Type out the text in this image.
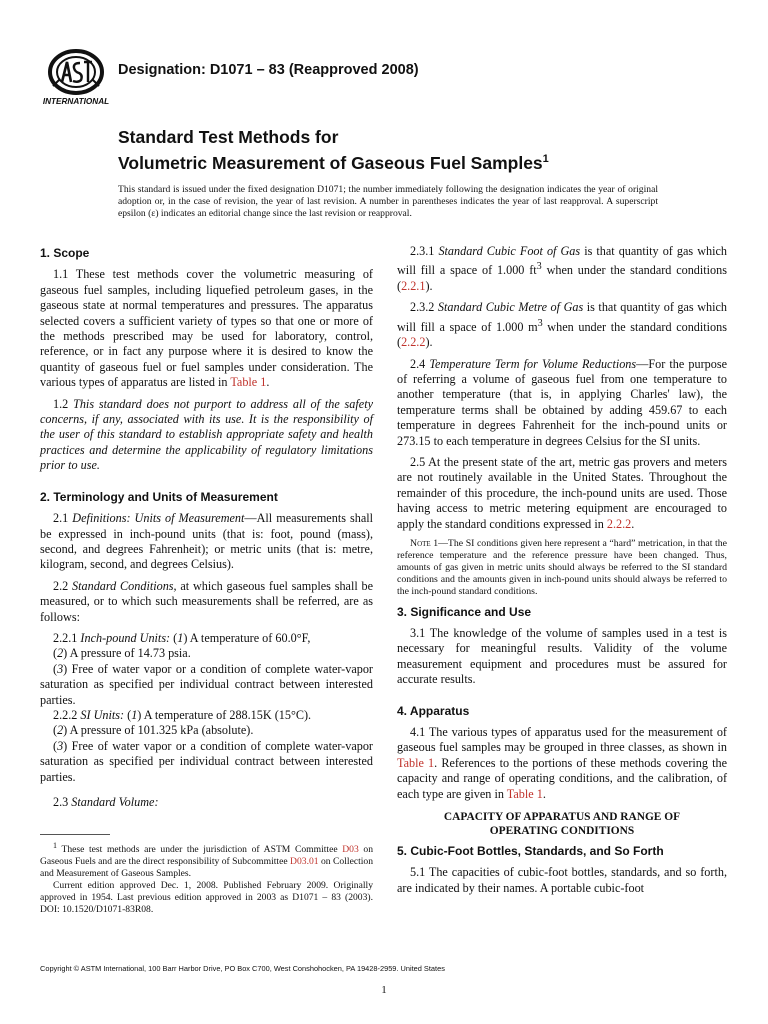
INTERNATIONAL
Designation: D1071 – 83 (Reapproved 2008)
Standard Test Methods for
Volumetric Measurement of Gaseous Fuel Samples$^1$
This standard is issued under the fixed designation D1071; the number immediately following the designation indicates the year of original adoption or, in the case of revision, the year of last revision. A number in parentheses indicates the year of last reapproval. A superscript epsilon (ε) indicates an editorial change since the last revision or reapproval.
1. Scope

1.1 These test methods cover the volumetric measuring of gaseous fuel samples, including liquefied petroleum gases, in the gaseous state at normal temperatures and pressures. The apparatus selected covers a sufficient variety of types so that one or more of the methods prescribed may be used for laboratory, control, reference, or in fact any purpose where it is desired to know the quantity of gaseous fuel or fuel samples under consideration. The various types of apparatus are listed in Table 1.

1.2 This standard does not purport to address all of the safety concerns, if any, associated with its use. It is the responsibility of the user of this standard to establish appropriate safety and health practices and determine the applicability of regulatory limitations prior to use.

2. Terminology and Units of Measurement

2.1 Definitions: Units of Measurement—All measurements shall be expressed in inch-pound units (that is: foot, pound (mass), second, and degrees Fahrenheit); or metric units (that is: metre, kilogram, second, and degrees Celsius).

2.2 Standard Conditions, at which gaseous fuel samples shall be measured, or to which such measurements shall be referred, are as follows:

2.2.1 Inch-pound Units: (1) A temperature of 60.0°F,

(2) A pressure of 14.73 psia.

(3) Free of water vapor or a condition of complete water-vapor saturation as specified per individual contract between interested parties.

2.2.2 SI Units: (1) A temperature of 288.15K (15°C).

(2) A pressure of 101.325 kPa (absolute).

(3) Free of water vapor or a condition of complete water-vapor saturation as specified per individual contract between interested parties.

2.3 Standard Volume:

$^1$ These test methods are under the jurisdiction of ASTM Committee D03 on Gaseous Fuels and are the direct responsibility of Subcommittee D03.01 on Collection and Measurement of Gaseous Samples.

Current edition approved Dec. 1, 2008. Published February 2009. Originally approved in 1954. Last previous edition approved in 2003 as D1071 – 83 (2003). DOI: 10.1520/D1071-83R08.

2.3.1 Standard Cubic Foot of Gas is that quantity of gas which will fill a space of 1.000 $ft^3$ when under the standard conditions (2.2.1).

2.3.2 Standard Cubic Metre of Gas is that quantity of gas which will fill a space of 1.000 $m^3$ when under the standard conditions (2.2.2).

2.4 Temperature Term for Volume Reductions—For the purpose of referring a volume of gaseous fuel from one temperature to another temperature (that is, in applying Charles' law), the temperature terms shall be obtained by adding 459.67 to each temperature in degrees Fahrenheit for the inch-pound units or 273.15 to each temperature in degrees Celsius for the SI units.

2.5 At the present state of the art, metric gas provers and meters are not routinely available in the United States. Throughout the remainder of this procedure, the inch-pound units are used. Those having access to metric metering equipment are encouraged to apply the standard conditions expressed in 2.2.2.

Note 1—The SI conditions given here represent a “hard” metrication, in that the reference temperature and the reference pressure have been changed. Thus, amounts of gas given in metric units should always be referred to the SI standard conditions and the amounts given in inch-pound units should always be referred to the inch-pound standard conditions.

3. Significance and Use

3.1 The knowledge of the volume of samples used in a test is necessary for meaningful results. Validity of the volume measurement equipment and procedures must be assured for accurate results.

4. Apparatus

4.1 The various types of apparatus used for the measurement of gaseous fuel samples may be grouped in three classes, as shown in Table 1. References to the portions of these methods covering the capacity and range of operating conditions, and the calibration, of each type are given in Table 1.

CAPACITY OF APPARATUS AND RANGE OF
OPERATING CONDITIONS
5. Cubic-Foot Bottles, Standards, and So Forth

5.1 The capacities of cubic-foot bottles, standards, and so forth, are indicated by their names. A portable cubic-foot

Copyright © ASTM International, 100 Barr Harbor Drive, PO Box C700, West Conshohocken, PA 19428-2959. United States
1
